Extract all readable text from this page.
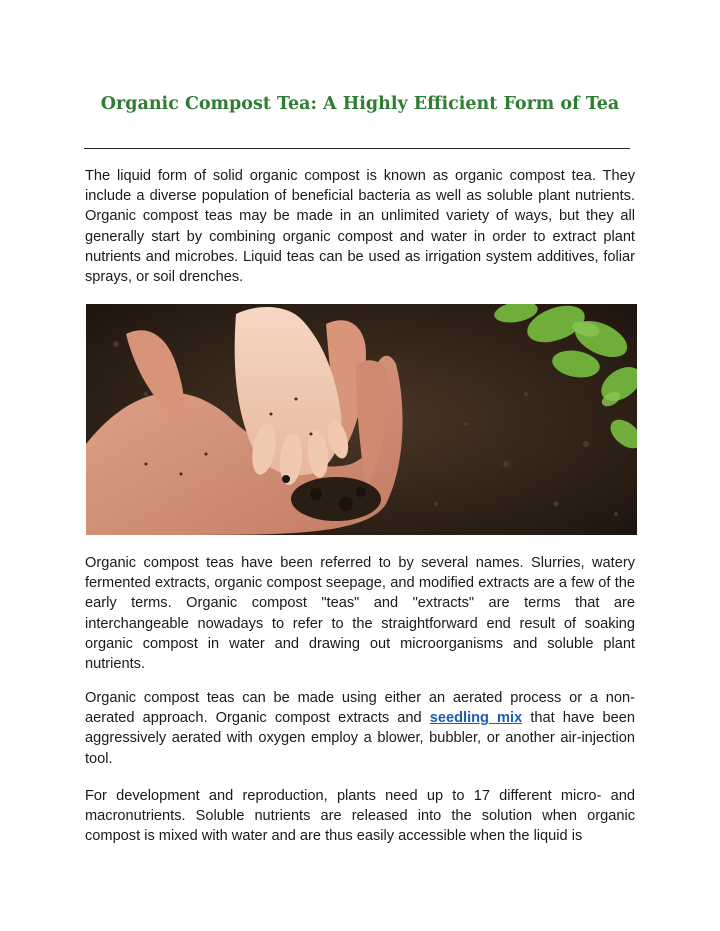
Organic Compost Tea: A Highly Efficient Form of Tea

The liquid form of solid organic compost is known as organic compost tea. They include a diverse population of beneficial bacteria as well as soluble plant nutrients. Organic compost teas may be made in an unlimited variety of ways, but they all generally start by combining organic compost and water in order to extract plant nutrients and microbes. Liquid teas can be used as irrigation system additives, foliar sprays, or soil drenches.

Organic compost teas have been referred to by several names. Slurries, watery fermented extracts, organic compost seepage, and modified extracts are a few of the early terms. Organic compost "teas" and "extracts" are terms that are interchangeable nowadays to refer to the straightforward end result of soaking organic compost in water and drawing out microorganisms and soluble plant nutrients.

Organic compost teas can be made using either an aerated process or a non-aerated approach. Organic compost extracts and seedling mix that have been aggressively aerated with oxygen employ a blower, bubbler, or another air-injection tool.

For development and reproduction, plants need up to 17 different micro- and macronutrients. Soluble nutrients are released into the solution when organic compost is mixed with water and are thus easily accessible when the liquid is
